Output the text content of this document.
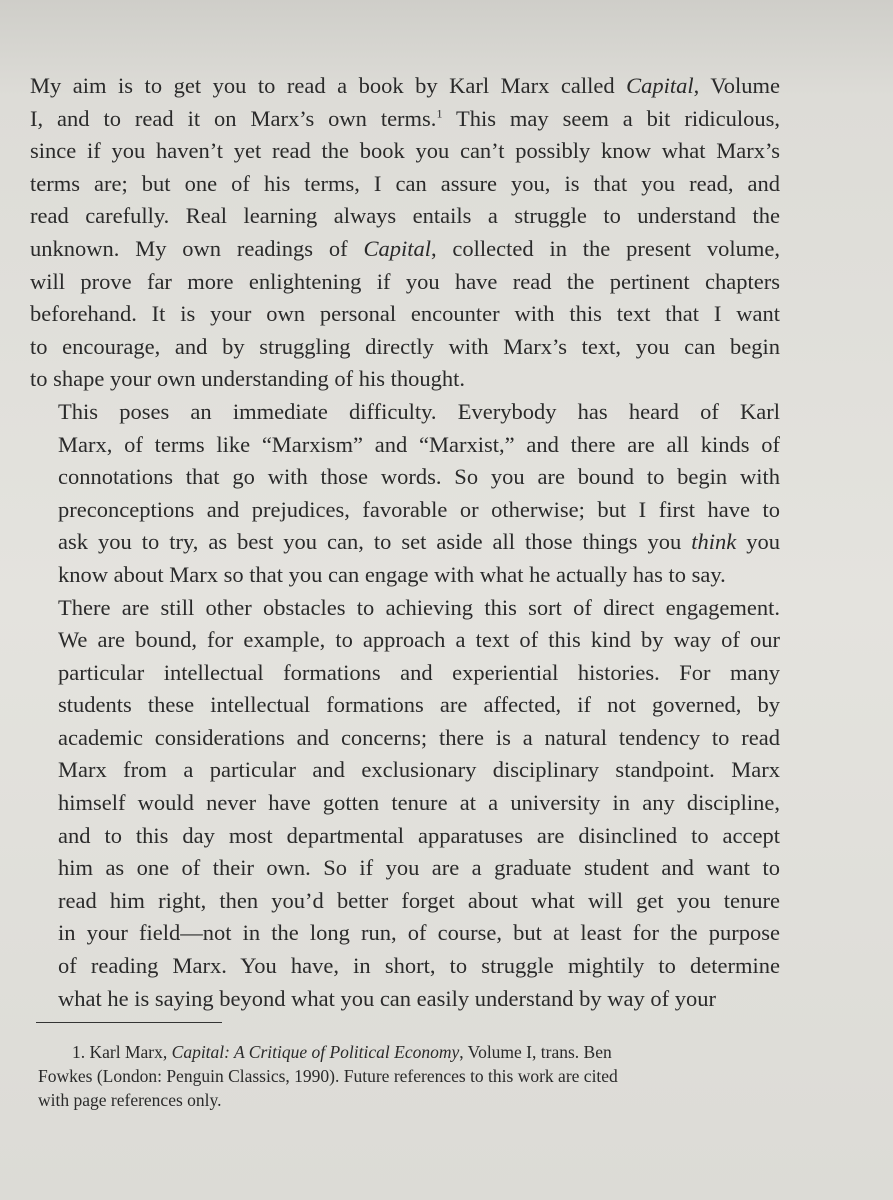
My aim is to get you to read a book by Karl Marx called Capital, Volume
I, and to read it on Marx’s own terms.$^1$ This may seem a bit ridiculous,
since if you haven’t yet read the book you can’t possibly know what Marx’s
terms are; but one of his terms, I can assure you, is that you read, and
read carefully. Real learning always entails a struggle to understand the
unknown. My own readings of Capital, collected in the present volume,
will prove far more enlightening if you have read the pertinent chapters
beforehand. It is your own personal encounter with this text that I want
to encourage, and by struggling directly with Marx’s text, you can begin
to shape your own understanding of his thought.

This poses an immediate difficulty. Everybody has heard of Karl
Marx, of terms like “Marxism” and “Marxist,” and there are all kinds of
connotations that go with those words. So you are bound to begin with
preconceptions and prejudices, favorable or otherwise; but I first have to
ask you to try, as best you can, to set aside all those things you think you
know about Marx so that you can engage with what he actually has to say.

There are still other obstacles to achieving this sort of direct engagement.
We are bound, for example, to approach a text of this kind by way of our
particular intellectual formations and experiential histories. For many
students these intellectual formations are affected, if not governed, by
academic considerations and concerns; there is a natural tendency to read
Marx from a particular and exclusionary disciplinary standpoint. Marx
himself would never have gotten tenure at a university in any discipline,
and to this day most departmental apparatuses are disinclined to accept
him as one of their own. So if you are a graduate student and want to
read him right, then you’d better forget about what will get you tenure
in your field—not in the long run, of course, but at least for the purpose
of reading Marx. You have, in short, to struggle mightily to determine
what he is saying beyond what you can easily understand by way of your

1. Karl Marx, Capital: A Critique of Political Economy, Volume I, trans. Ben
Fowkes (London: Penguin Classics, 1990). Future references to this work are cited
with page references only.
